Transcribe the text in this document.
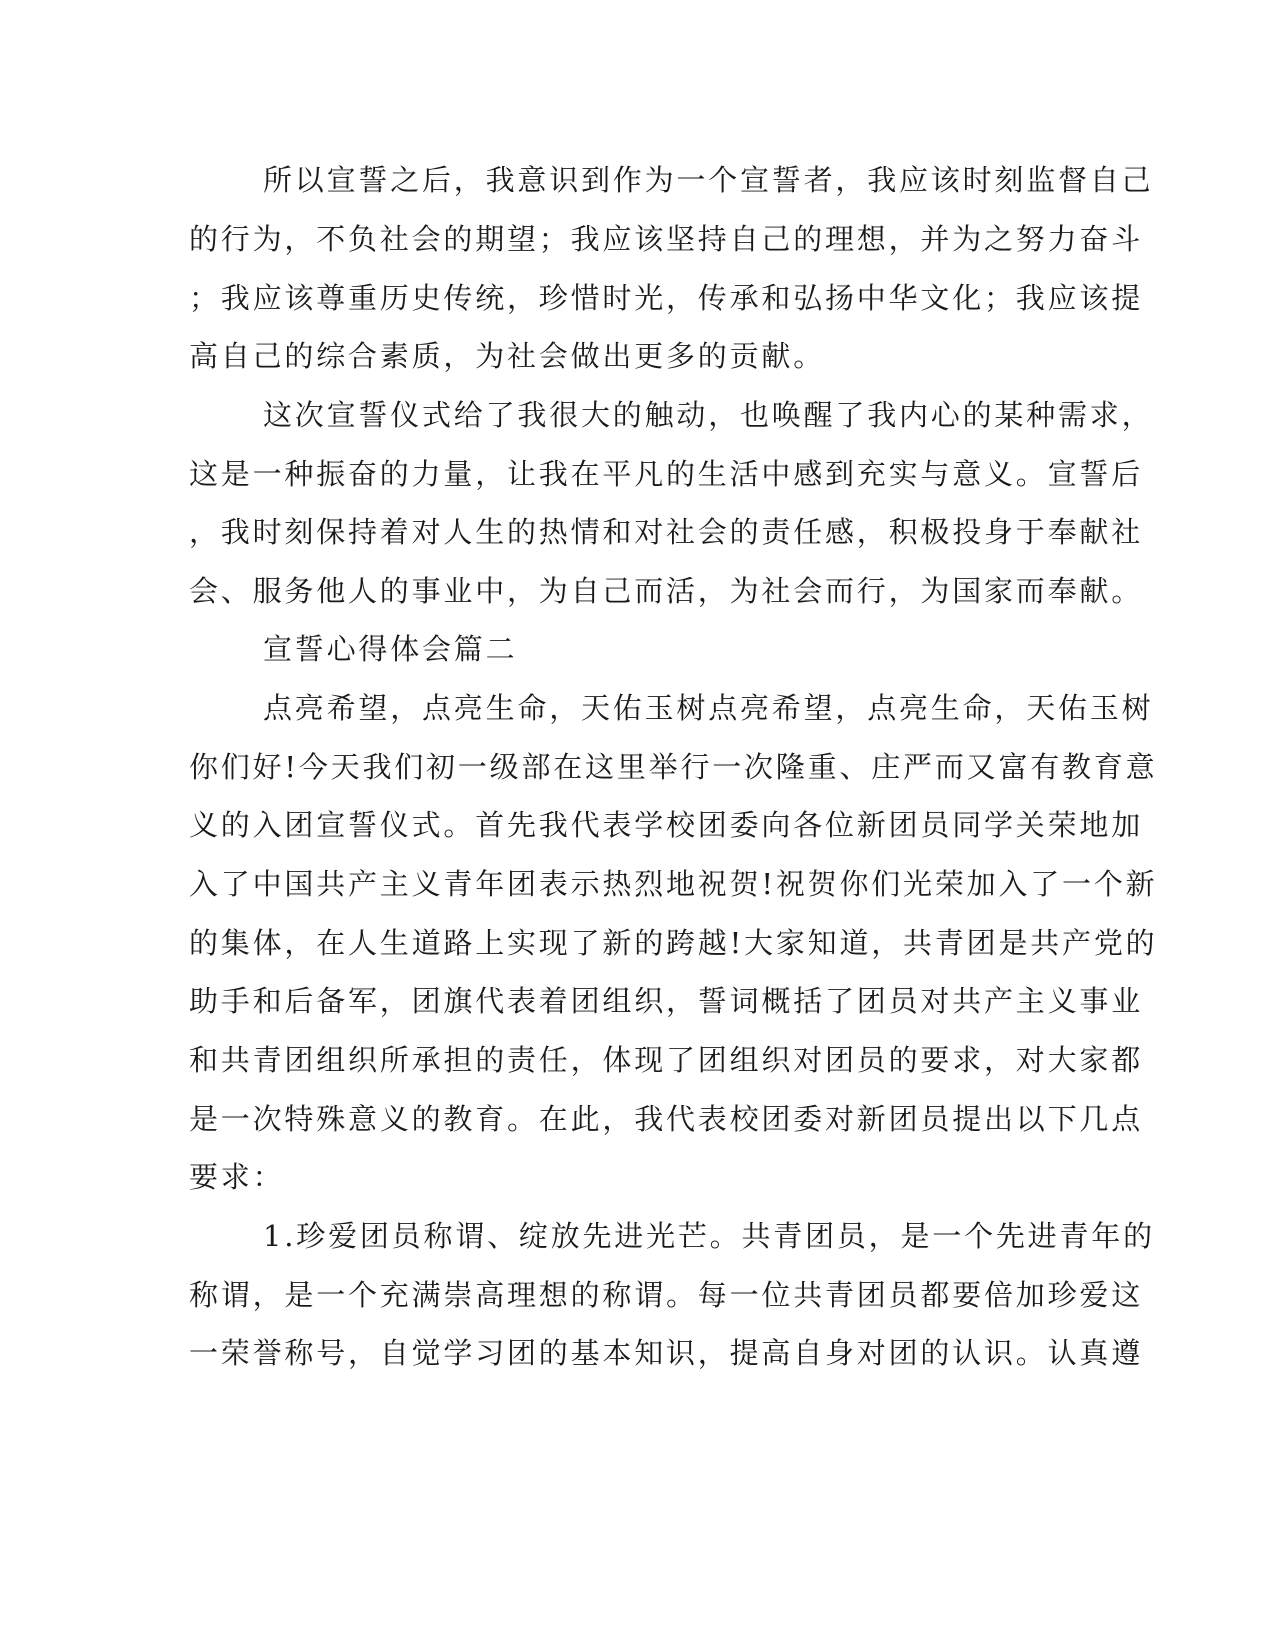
所以宣誓之后，我意识到作为一个宣誓者，我应该时刻监督自己
的行为，不负社会的期望；我应该坚持自己的理想，并为之努力奋斗
；我应该尊重历史传统，珍惜时光，传承和弘扬中华文化；我应该提
高自己的综合素质，为社会做出更多的贡献。
这次宣誓仪式给了我很大的触动，也唤醒了我内心的某种需求，
这是一种振奋的力量，让我在平凡的生活中感到充实与意义。宣誓后
，我时刻保持着对人生的热情和对社会的责任感，积极投身于奉献社
会、服务他人的事业中，为自己而活，为社会而行，为国家而奉献。
宣誓心得体会篇二
点亮希望，点亮生命，天佑玉树点亮希望，点亮生命，天佑玉树
你们好!今天我们初一级部在这里举行一次隆重、庄严而又富有教育意
义的入团宣誓仪式。首先我代表学校团委向各位新团员同学关荣地加
入了中国共产主义青年团表示热烈地祝贺!祝贺你们光荣加入了一个新
的集体，在人生道路上实现了新的跨越!大家知道，共青团是共产党的
助手和后备军，团旗代表着团组织，誓词概括了团员对共产主义事业
和共青团组织所承担的责任，体现了团组织对团员的要求，对大家都
是一次特殊意义的教育。在此，我代表校团委对新团员提出以下几点
要求：
1.珍爱团员称谓、绽放先进光芒。共青团员，是一个先进青年的
称谓，是一个充满崇高理想的称谓。每一位共青团员都要倍加珍爱这
一荣誉称号，自觉学习团的基本知识，提高自身对团的认识。认真遵
